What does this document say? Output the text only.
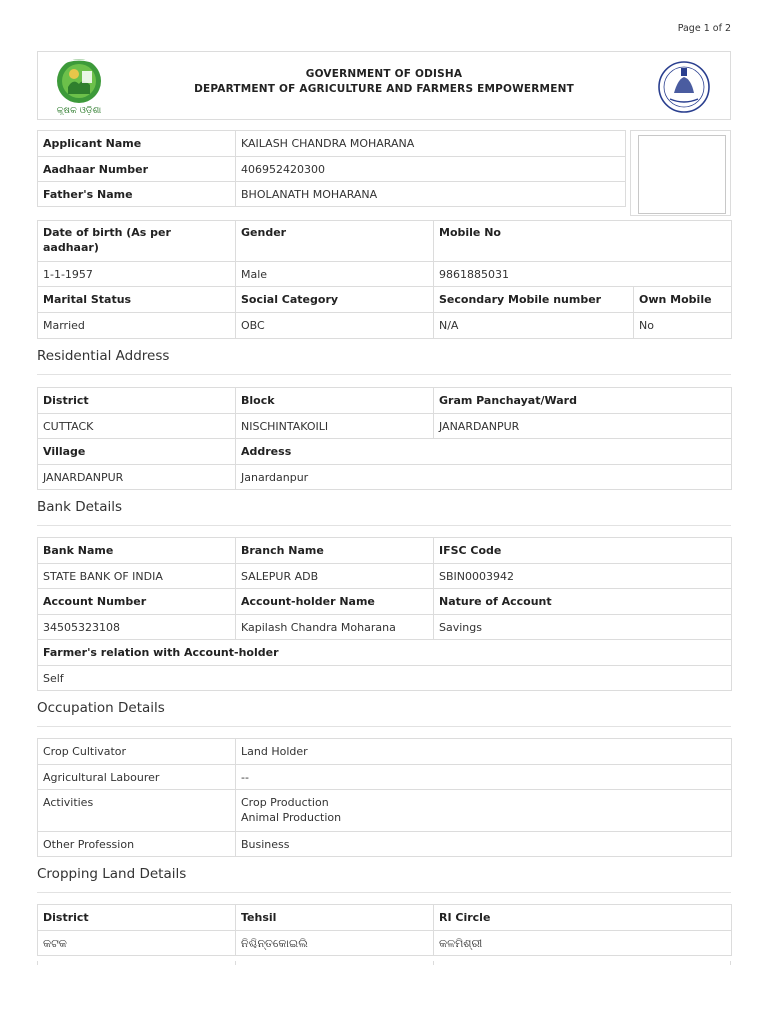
Page 1 of 2
କୃଷକ ଓଡ଼ିଶା
GOVERNMENT OF ODISHA
DEPARTMENT OF AGRICULTURE AND FARMERS EMPOWERMENT
Applicant Name	KAILASH CHANDRA MOHARANA
Aadhaar Number	406952420300
Father's Name	BHOLANATH MOHARANA
Date of birth (As per aadhaar)	Gender	Mobile No	
1-1-1957	Male	9861885031	
Marital Status	Social Category	Secondary Mobile number	Own Mobile
Married	OBC	N/A	No
Residential Address
District	Block	Gram Panchayat/Ward
CUTTACK	NISCHINTAKOILI	JANARDANPUR
Village	Address	
JANARDANPUR	Janardanpur	
Bank Details
Bank Name	Branch Name	IFSC Code
STATE BANK OF INDIA	SALEPUR ADB	SBIN0003942
Account Number	Account-holder Name	Nature of Account
34505323108	Kapilash Chandra Moharana	Savings
Farmer's relation with Account-holder		
Self		
Occupation Details
Crop Cultivator	Land Holder
Agricultural Labourer	--
Activities	Crop Production
Animal Production

Other Profession	Business
Cropping Land Details
District	Tehsil	RI Circle
କଟକ	ନିଶ୍ଚିନ୍ତକୋଇଲି	କଳମିଶ୍ରୀ
